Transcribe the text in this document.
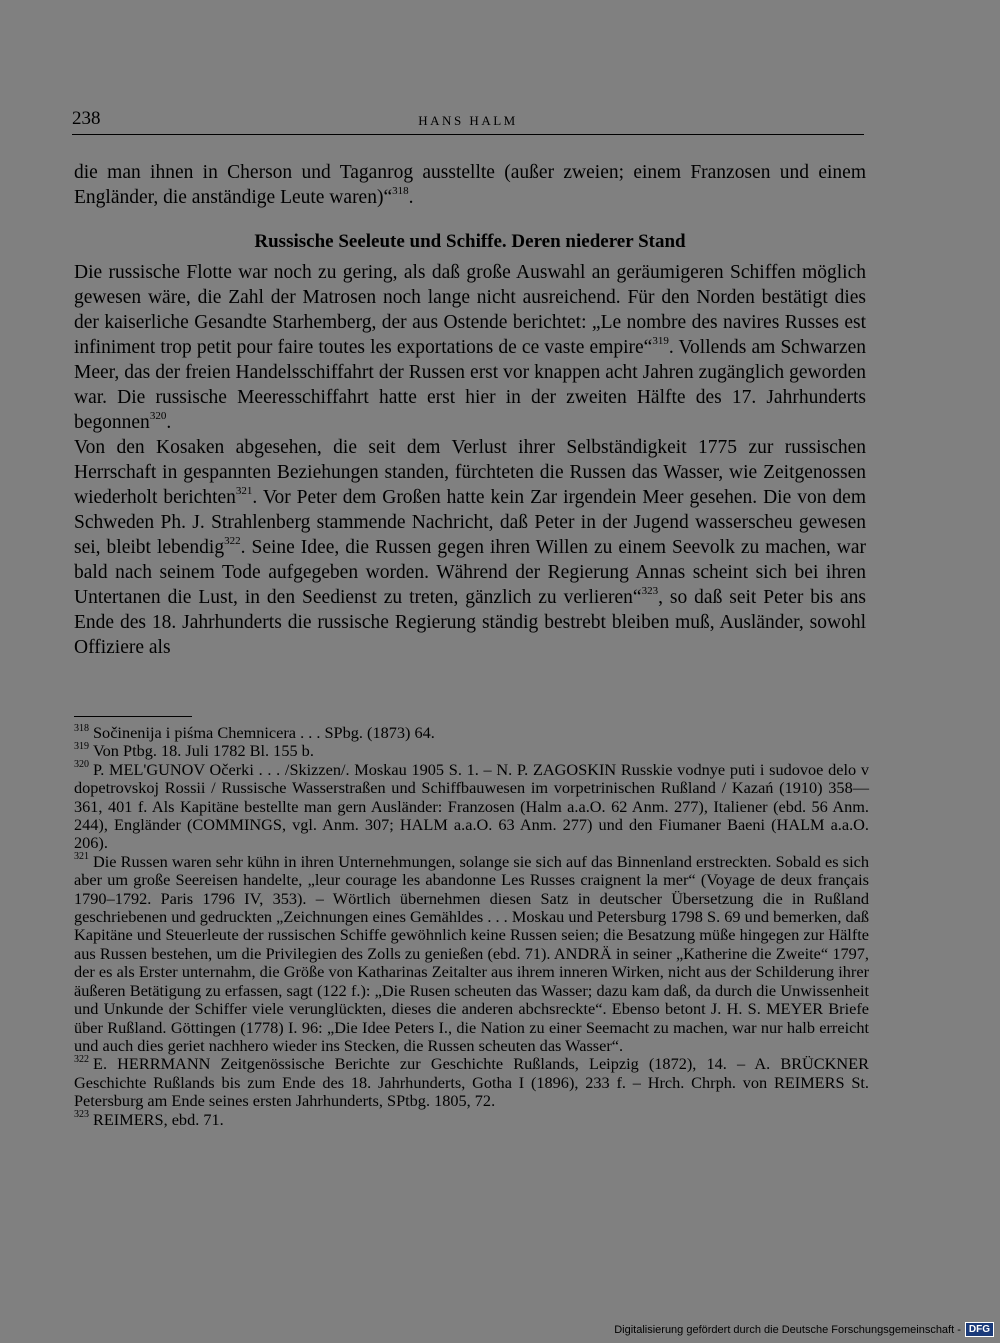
238	HANS HALM

die man ihnen in Cherson und Taganrog ausstellte (außer zweien; einem Franzosen und einem Engländer, die anständige Leute waren)“$^{318}$.

Russische Seeleute und Schiffe. Deren niederer Stand

Die russische Flotte war noch zu gering, als daß große Auswahl an geräumigeren Schiffen möglich gewesen wäre, die Zahl der Matrosen noch lange nicht ausreichend. Für den Norden bestätigt dies der kaiserliche Gesandte Starhemberg, der aus Ostende berichtet: „Le nombre des navires Russes est infiniment trop petit pour faire toutes les exportations de ce vaste empire“$^{319}$. Vollends am Schwarzen Meer, das der freien Handelsschiffahrt der Russen erst vor knappen acht Jahren zugänglich geworden war. Die russische Meeresschiffahrt hatte erst hier in der zweiten Hälfte des 17. Jahrhunderts begonnen$^{320}$.

Von den Kosaken abgesehen, die seit dem Verlust ihrer Selbständigkeit 1775 zur russischen Herrschaft in gespannten Beziehungen standen, fürchteten die Russen das Wasser, wie Zeitgenossen wiederholt berichten$^{321}$. Vor Peter dem Großen hatte kein Zar irgendein Meer gesehen. Die von dem Schweden Ph. J. Strahlenberg stammende Nachricht, daß Peter in der Jugend wasserscheu gewesen sei, bleibt lebendig$^{322}$. Seine Idee, die Russen gegen ihren Willen zu einem Seevolk zu machen, war bald nach seinem Tode aufgegeben worden. Während der Regierung Annas scheint sich bei ihren Untertanen die Lust, in den Seedienst zu treten, gänzlich zu verlieren“$^{323}$, so daß seit Peter bis ans Ende des 18. Jahrhunderts die russische Regierung ständig bestrebt bleiben muß, Ausländer, sowohl Offiziere als

$^{318}$ Sočinenija i piśma Chemnicera . . . SPbg. (1873) 64.

$^{319}$ Von Ptbg. 18. Juli 1782 Bl. 155 b.

$^{320}$ P. MEL'GUNOV Očerki . . . /Skizzen/. Moskau 1905 S. 1. – N. P. ZAGOSKIN Russkie vodnye puti i sudovoe delo v dopetrovskoj Rossii / Russische Wasserstraßen und Schiffbauwesen im vorpetrinischen Rußland / Kazań (1910) 358—361, 401 f. Als Kapitäne bestellte man gern Ausländer: Franzosen (Halm a.a.O. 62 Anm. 277), Italiener (ebd. 56 Anm. 244), Engländer (COMMINGS, vgl. Anm. 307; HALM a.a.O. 63 Anm. 277) und den Fiumaner Baeni (HALM a.a.O. 206).

$^{321}$ Die Russen waren sehr kühn in ihren Unternehmungen, solange sie sich auf das Binnenland erstreckten. Sobald es sich aber um große Seereisen handelte, „leur courage les abandonne Les Russes craignent la mer“ (Voyage de deux français 1790–1792. Paris 1796 IV, 353). – Wörtlich übernehmen diesen Satz in deutscher Übersetzung die in Rußland geschriebenen und gedruckten „Zeichnungen eines Gemähldes . . . Moskau und Petersburg 1798 S. 69 und bemerken, daß Kapitäne und Steuerleute der russischen Schiffe gewöhnlich keine Russen seien; die Besatzung müße hingegen zur Hälfte aus Russen bestehen, um die Privilegien des Zolls zu genießen (ebd. 71). ANDRÄ in seiner „Katherine die Zweite“ 1797, der es als Erster unternahm, die Größe von Katharinas Zeitalter aus ihrem inneren Wirken, nicht aus der Schilderung ihrer äußeren Betätigung zu erfassen, sagt (122 f.): „Die Rusen scheuten das Wasser; dazu kam daß, da durch die Unwissenheit und Unkunde der Schiffer viele verunglückten, dieses die anderen abchsreckte“. Ebenso betont J. H. S. MEYER Briefe über Rußland. Göttingen (1778) I. 96: „Die Idee Peters I., die Nation zu einer Seemacht zu machen, war nur halb erreicht und auch dies geriet nachhero wieder ins Stecken, die Russen scheuten das Wasser“.

$^{322}$ E. HERRMANN Zeitgenössische Berichte zur Geschichte Rußlands, Leipzig (1872), 14. – A. BRÜCKNER Geschichte Rußlands bis zum Ende des 18. Jahrhunderts, Gotha I (1896), 233 f. – Hrch. Chrph. von REIMERS St. Petersburg am Ende seines ersten Jahrhunderts, SPtbg. 1805, 72.

$^{323}$ REIMERS, ebd. 71.

Digitalisierung gefördert durch die Deutsche Forschungsgemeinschaft - DFG
